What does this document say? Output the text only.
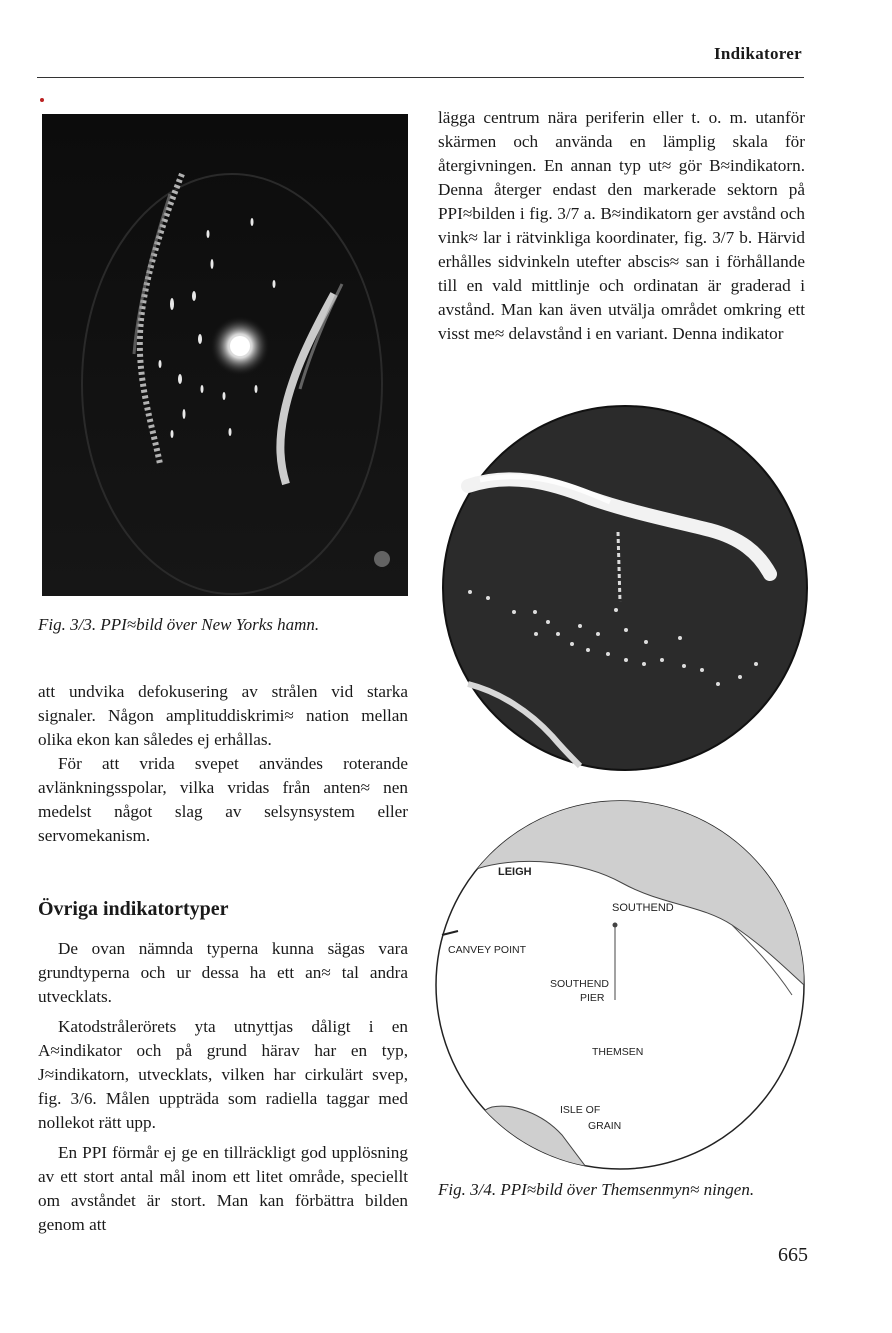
Indikatorer
Fig. 3/3. PPI≈bild över New Yorks hamn.
lägga centrum nära periferin eller t. o. m. utanför skärmen och använda en lämplig skala för återgivningen. En annan typ ut≈ gör B≈indikatorn. Denna återger endast den markerade sektorn på PPI≈bilden i fig. 3/7 a. B≈indikatorn ger avstånd och vink≈ lar i rätvinkliga koordinater, fig. 3/7 b. Härvid erhålles sidvinkeln utefter abscis≈ san i förhållande till en vald mittlinje och ordinatan är graderad i avstånd. Man kan även utvälja området omkring ett visst me≈ delavstånd i en variant. Denna indikator

att undvika defokusering av strålen vid starka signaler. Någon amplituddiskrimi≈ nation mellan olika ekon kan således ej erhållas.

För att vrida svepet användes roterande avlänkningsspolar, vilka vridas från anten≈ nen medelst något slag av selsynsystem eller servomekanism.

Övriga indikatortyper

De ovan nämnda typerna kunna sägas vara grundtyperna och ur dessa ha ett an≈ tal andra utvecklats.

Katodstrålerörets yta utnyttjas dåligt i en A≈indikator och på grund härav har en typ, J≈indikatorn, utvecklats, vilken har cirkulärt svep, fig. 3/6. Målen uppträda som radiella taggar med nollekot rätt upp.

En PPI förmår ej ge en tillräckligt god upplösning av ett stort antal mål inom ett litet område, speciellt om avståndet är stort. Man kan förbättra bilden genom att

LEIGH
SOUTHEND
CANVEY POINT
SOUTHEND
PIER
THEMSEN
ISLE OF
GRAIN
Fig. 3/4. PPI≈bild över Themsenmyn≈ ningen.
665
